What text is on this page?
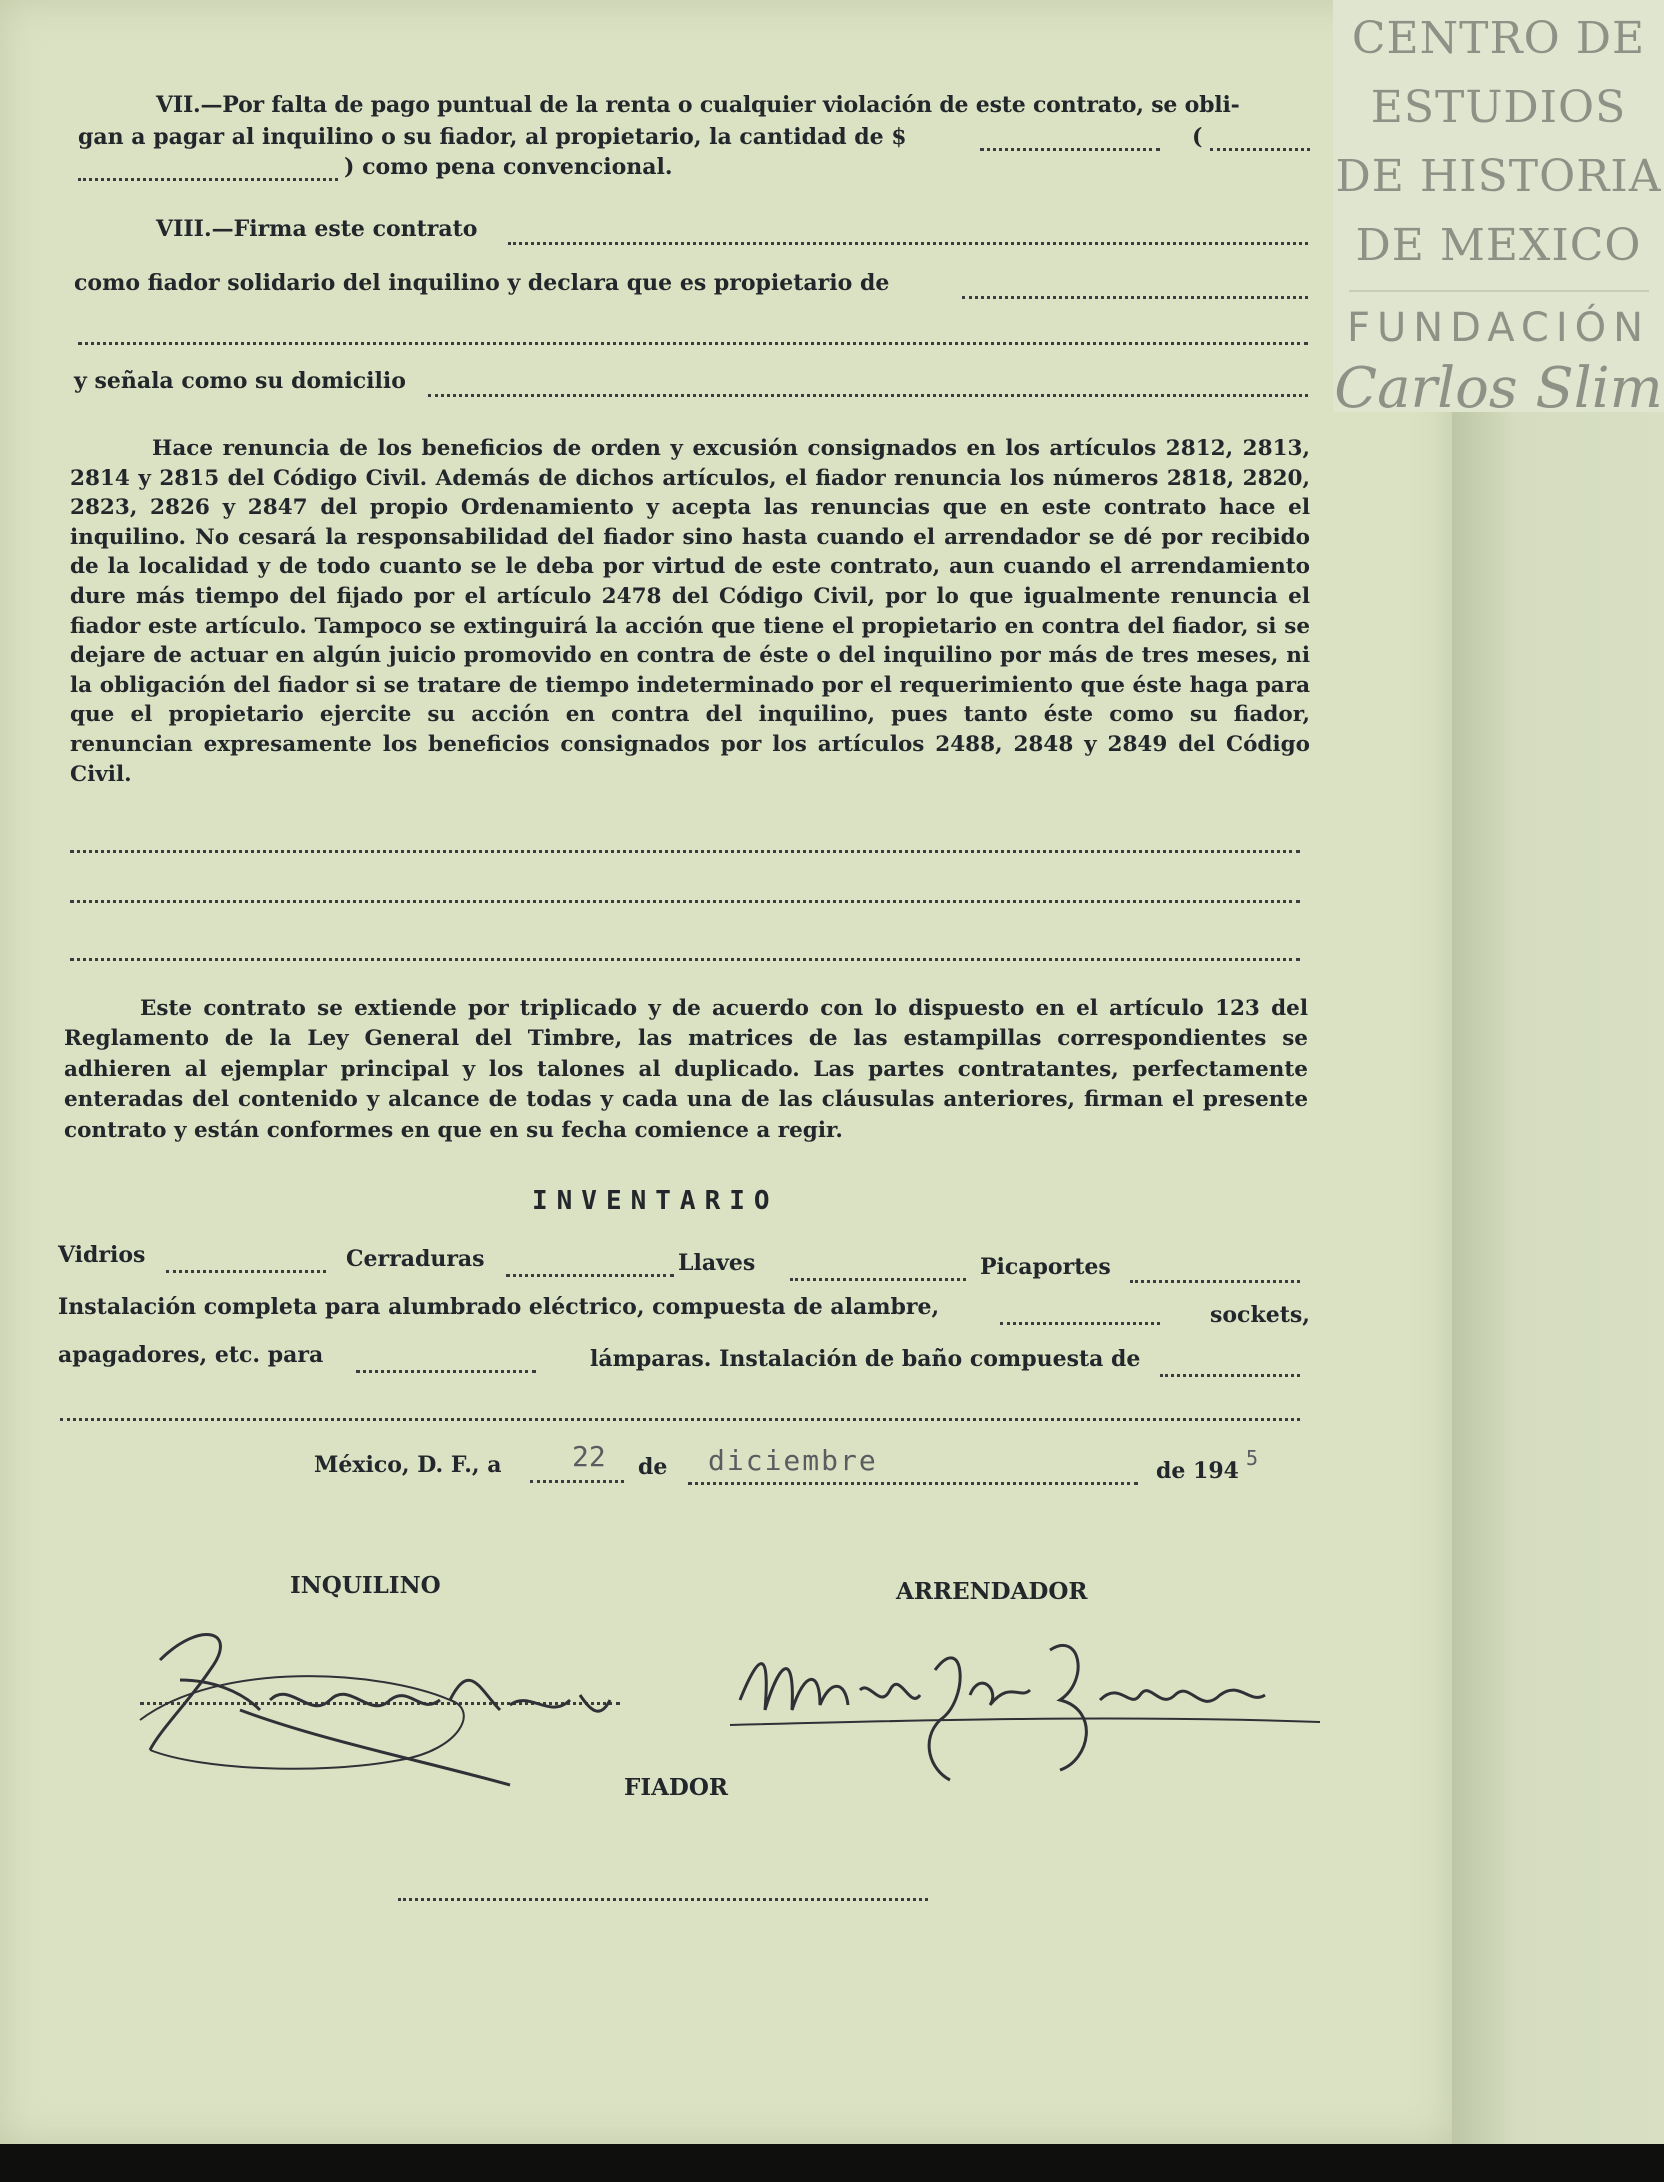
CENTRO DE
ESTUDIOS
DE HISTORIA
DE MEXICO
FUNDACIÓN
Carlos Slim
VII.—Por falta de pago puntual de la renta o cualquier violación de este contrato, se obli-
gan a pagar al inquilino o su fiador, al propietario, la cantidad de $	(
) como pena convencional.
VIII.—Firma este contrato
como fiador solidario del inquilino y declara que es propietario de
y señala como su domicilio
Hace renuncia de los beneficios de orden y excusión consignados en los artículos 2812, 2813, 2814 y 2815 del Código Civil. Además de dichos artículos, el fiador renuncia los números 2818, 2820, 2823, 2826 y 2847 del propio Ordenamiento y acepta las renuncias que en este contrato hace el inquilino. No cesará la responsabilidad del fiador sino hasta cuando el arrendador se dé por recibido de la localidad y de todo cuanto se le deba por virtud de este contrato, aun cuando el arrendamiento dure más tiempo del fijado por el artículo 2478 del Código Civil, por lo que igualmente renuncia el fiador este artículo. Tampoco se extinguirá la acción que tiene el propietario en contra del fiador, si se dejare de actuar en algún juicio promovido en contra de éste o del inquilino por más de tres meses, ni la obligación del fiador si se tratare de tiempo indeterminado por el requerimiento que éste haga para que el propietario ejercite su acción en contra del inquilino, pues tanto éste como su fiador, renuncian expresamente los beneficios consignados por los artículos 2488, 2848 y 2849 del Código Civil.
Este contrato se extiende por triplicado y de acuerdo con lo dispuesto en el artículo 123 del Reglamento de la Ley General del Timbre, las matrices de las estampillas correspondientes se adhieren al ejemplar principal y los talones al duplicado. Las partes contratantes, perfectamente enteradas del contenido y alcance de todas y cada una de las cláusulas anteriores, firman el presente contrato y están conformes en que en su fecha comience a regir.
INVENTARIO
Vidrios	Cerraduras	Llaves	Picaportes
Instalación completa para alumbrado eléctrico, compuesta de alambre,	sockets,
apagadores, etc. para	lámparas. Instalación de baño compuesta de
México, D. F., a	22 de diciembre	de 194 5
INQUILINO	ARRENDADOR
FIADOR
